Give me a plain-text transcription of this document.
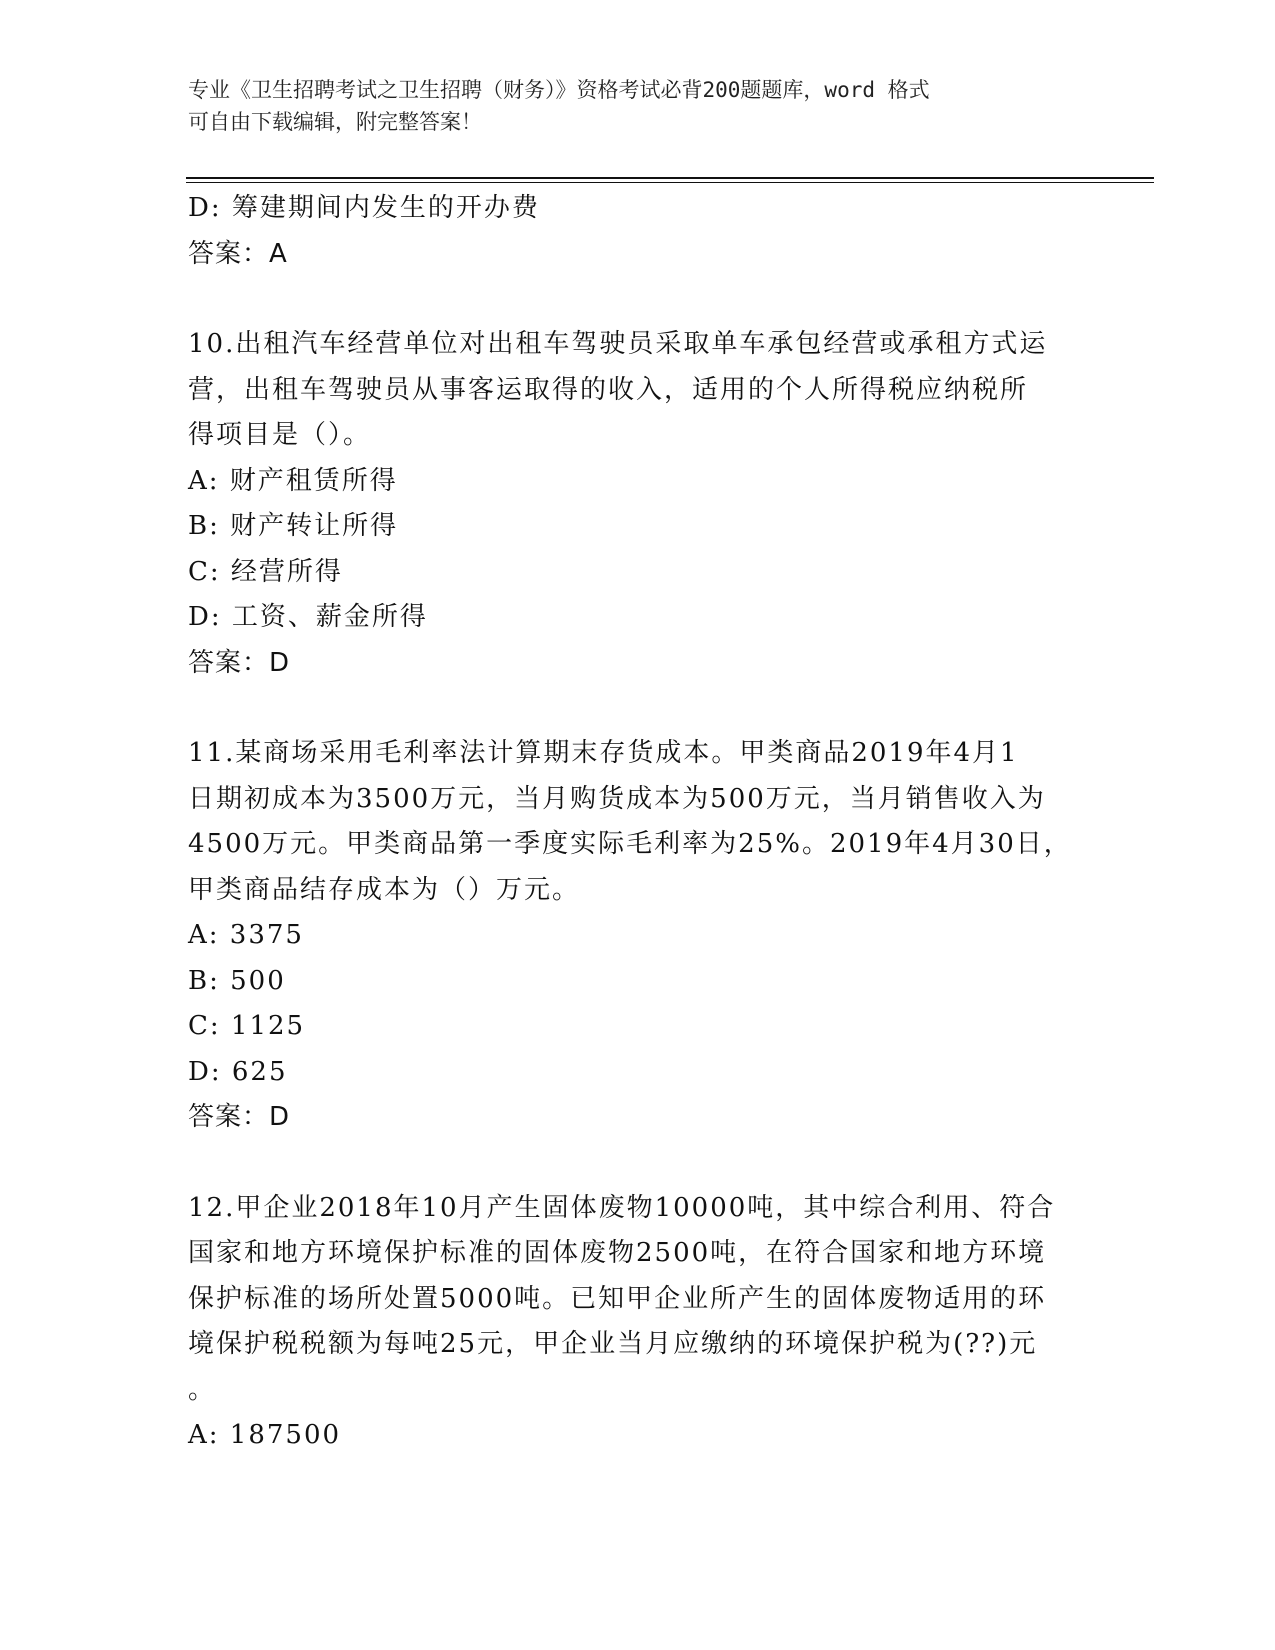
专业《卫生招聘考试之卫生招聘（财务）》资格考试必背200题题库，word 格式
可自由下载编辑，附完整答案！
D: 筹建期间内发生的开办费
答案：A
10.出租汽车经营单位对出租车驾驶员采取单车承包经营或承租方式运
营，出租车驾驶员从事客运取得的收入，适用的个人所得税应纳税所
得项目是（）。
A: 财产租赁所得
B: 财产转让所得
C: 经营所得
D: 工资、薪金所得
答案：D
11.某商场采用毛利率法计算期末存货成本。甲类商品2019年4月1
日期初成本为3500万元，当月购货成本为500万元，当月销售收入为
4500万元。甲类商品第一季度实际毛利率为25%。2019年4月30日，
甲类商品结存成本为（）万元。
A: 3375
B: 500
C: 1125
D: 625
答案：D
12.甲企业2018年10月产生固体废物10000吨，其中综合利用、符合
国家和地方环境保护标准的固体废物2500吨，在符合国家和地方环境
保护标准的场所处置5000吨。已知甲企业所产生的固体废物适用的环
境保护税税额为每吨25元，甲企业当月应缴纳的环境保护税为(??)元
。
A: 187500
